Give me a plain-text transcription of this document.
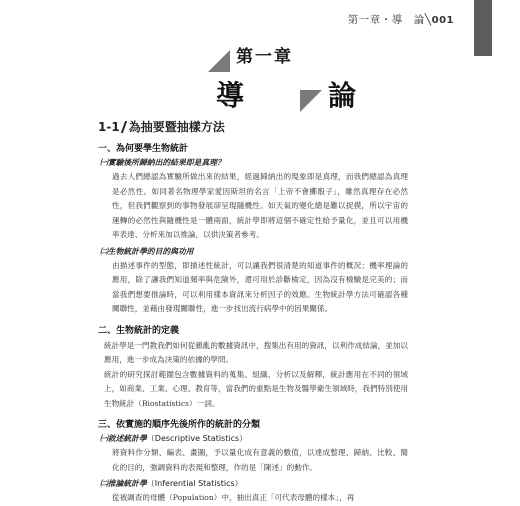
第一章・導　論╲001
第一章
導　論
1-1 為抽要暨抽樣方法
一、為何要學生物統計
㈠實驗後所歸納出的結果即是真理？
過去人們總認為實驗所做出來的結果，經過歸納出的現象即是真理，而我們總認為真理是必然性。如同著名物理學家愛因斯坦的名言「上帝不會擲骰子」，雖然真理存在必然性，但我們觀察到的事物發展卻呈現隨機性。如天氣的變化總是難以捉摸，所以宇宙的運轉的必然性與隨機性是一體兩面，統計學即將這個不確定性給予量化，並且可以用機率表達、分析來加以推論，以供決策者參考。
㈡生物統計學的目的與功用
由描述事件的型態，即描述性統計，可以讓我們很清楚的知道事件的概況；機率理論的應用，除了讓我們知道頻率與危險外，還可用於診斷檢定，因為沒有檢驗是完美的；而當我們想要推論時，可以利用樣本資訊來分析因子的效應。生物統計學方法可確認各種關聯性，並藉由發現關聯性，進一步找出流行病學中的因果關係。
二、生物統計的定義
統計學是一門教我們如何從雜亂的數據資訊中，搜集出有用的資訊，以利作成結論，並加以應用，進一步成為決策的依據的學問。
統計的研究探討範圍包含數據資料的蒐集、組織、分析以及解釋，統計應用在不同的領域上，如商業、工業、心理、教育等，當我們的重點是生物及醫學衛生領域時，我們特別使用生物統計（Biostatistics）一詞。
三、依實施的順序先後所作的統計的分類
㈠敘述統計學（Descriptive Statistics）
將資料作分類、編表、畫圖，予以量化成有意義的數值，以達成整理、歸納、比較、簡化的目的，強調資料的表現和整理，作的是「陳述」的動作。
㈡推論統計學（Inferential Statistics）
從被調查的母體（Population）中，抽出真正「可代表母體的樣本」，再
